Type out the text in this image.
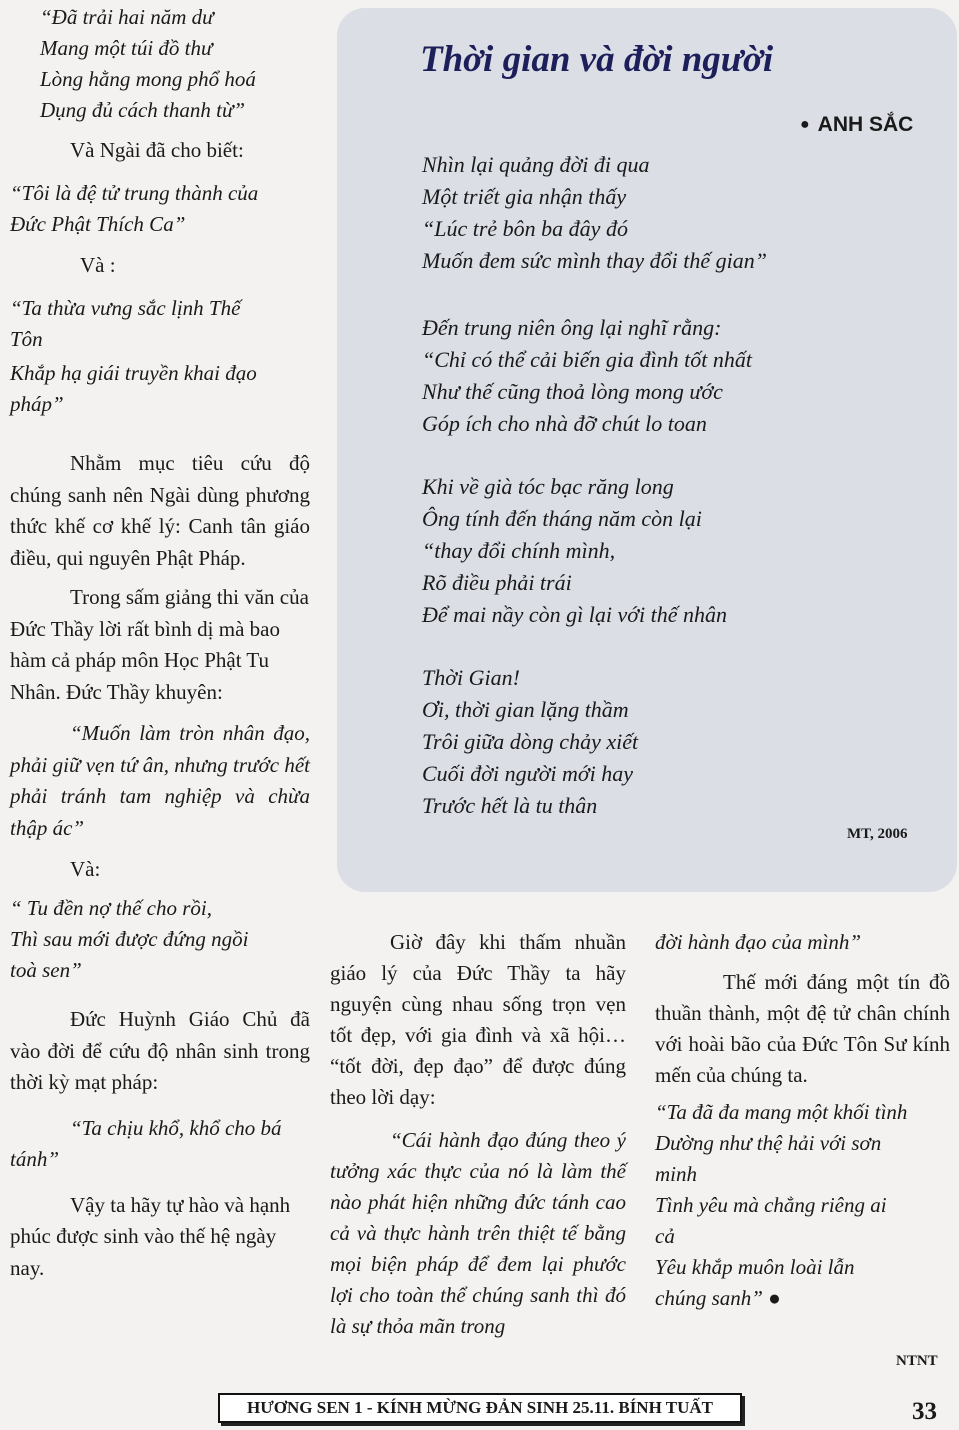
“Đã trải hai năm dư
Mang một túi đồ thư
Lòng hằng mong phổ hoá
Dụng đủ cách thanh từ”
Và Ngài đã cho biết:
“Tôi là đệ tử trung thành của
Đức Phật Thích Ca”
Và :
“Ta thừa vưng sắc lịnh Thế
Tôn
Khắp hạ giái truyền khai đạo
pháp”

Nhằm mục tiêu cứu độ chúng sanh nên Ngài dùng phương thức khế cơ khế lý: Canh tân giáo điều, qui nguyên Phật Pháp.

Trong sấm giảng thi văn của Đức Thầy lời rất bình dị mà bao hàm cả pháp môn Học Phật Tu Nhân. Đức Thầy khuyên:

“Muốn làm tròn nhân đạo, phải giữ vẹn tứ ân, nhưng trước hết phải tránh tam nghiệp và chừa thập ác”

Và:
“ Tu đền nợ thế cho rồi,
Thì sau mới được đứng ngồi
toà sen”

Đức Huỳnh Giáo Chủ đã vào đời để cứu độ nhân sinh trong thời kỳ mạt pháp:

“Ta chịu khổ, khổ cho bá tánh”

Vậy ta hãy tự hào và hạnh phúc được sinh vào thế hệ ngày nay.

Thời gian và đời người
● ANH SẮC
Nhìn lại quảng đời đi qua
Một triết gia nhận thấy
“Lúc trẻ bôn ba đây đó
Muốn đem sức mình thay đổi thế gian”
Đến trung niên ông lại nghĩ rằng:
“Chỉ có thể cải biến gia đình tốt nhất
Như thế cũng thoả lòng mong ước
Góp ích cho nhà đỡ chút lo toan
Khi về già tóc bạc răng long
Ông tính đến tháng năm còn lại
“thay đổi chính mình,
Rõ điều phải trái
Để mai nầy còn gì lại với thế nhân
Thời Gian!
Ơi, thời gian lặng thầm
Trôi giữa dòng chảy xiết
Cuối đời người mới hay
Trước hết là tu thân
MT, 2006

Giờ đây khi thấm nhuần giáo lý của Đức Thầy ta hãy nguyện cùng nhau sống trọn vẹn tốt đẹp, với gia đình và xã hội… “tốt đời, đẹp đạo” để được đúng theo lời dạy:

“Cái hành đạo đúng theo ý tưởng xác thực của nó là làm thế nào phát hiện những đức tánh cao cả và thực hành trên thiệt tế bằng mọi biện pháp để đem lại phước lợi cho toàn thể chúng sanh thì đó là sự thỏa mãn trong

đời hành đạo của mình”

Thế mới đáng một tín đồ thuần thành, một đệ tử chân chính với hoài bão của Đức Tôn Sư kính mến của chúng ta.

“Ta đã đa mang một khối tình
Dường như thệ hải với sơn
minh
Tình yêu mà chẳng riêng ai
cả
Yêu khắp muôn loài lẫn
chúng sanh” ●
NTNT
HƯƠNG SEN 1 - KÍNH MỪNG ĐẢN SINH 25.11. BÍNH TUẤT	33
